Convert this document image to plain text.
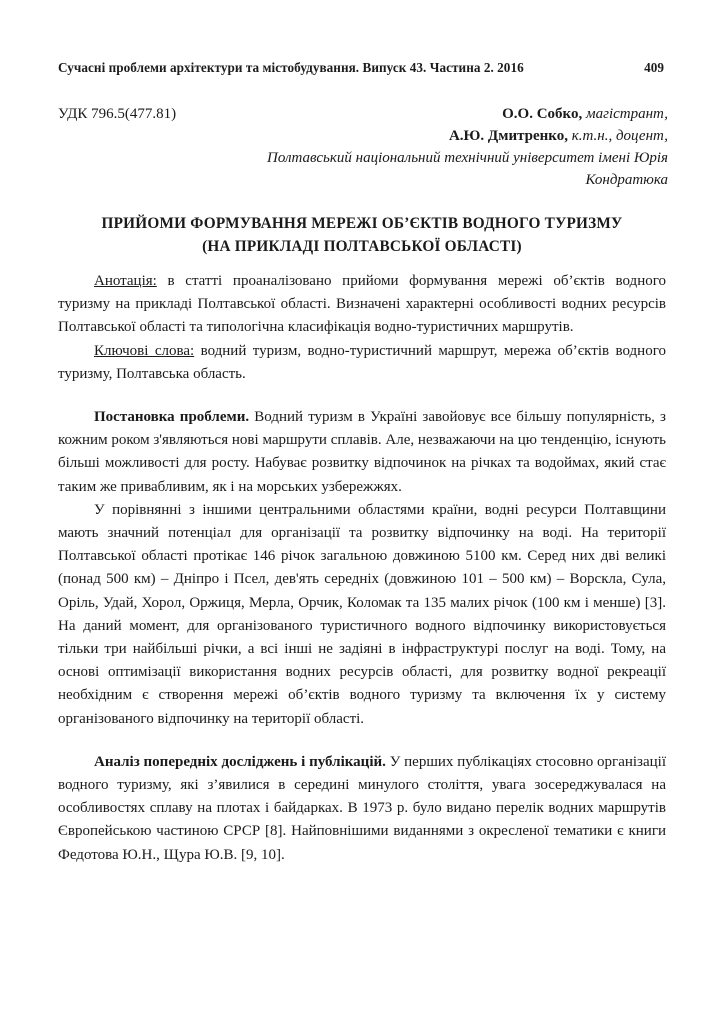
Сучасні проблеми архітектури та містобудування. Випуск 43. Частина 2. 2016	409
УДК 796.5(477.81)	О.О. Собко, магістрант,
А.Ю. Дмитренко, к.т.н., доцент,
Полтавський національний технічний університет імені Юрія
Кондратюка
ПРИЙОМИ ФОРМУВАННЯ МЕРЕЖІ ОБ’ЄКТІВ ВОДНОГО ТУРИЗМУ
(НА ПРИКЛАДІ ПОЛТАВСЬКОЇ ОБЛАСТІ)

Анотація: в статті проаналізовано прийоми формування мережі об’єктів водного туризму на прикладі Полтавської області. Визначені характерні особливості водних ресурсів Полтавської області та типологічна класифікація водно-туристичних маршрутів.

Ключові слова: водний туризм, водно-туристичний маршрут, мережа об’єктів водного туризму, Полтавська область.

Постановка проблеми. Водний туризм в Україні завойовує все більшу популярність, з кожним роком з'являються нові маршрути сплавів. Але, незважаючи на цю тенденцію, існують більші можливості для росту. Набуває розвитку відпочинок на річках та водоймах, який стає таким же привабливим, як і на морських узбережжях.

У порівнянні з іншими центральними областями країни, водні ресурси Полтавщини мають значний потенціал для організації та розвитку відпочинку на воді. На території Полтавської області протікає 146 річок загальною довжиною 5100 км. Серед них дві великі (понад 500 км) – Дніпро і Псел, дев'ять середніх (довжиною 101 – 500 км) – Ворскла, Сула, Оріль, Удай, Хорол, Оржиця, Мерла, Орчик, Коломак та 135 малих річок (100 км і менше) [3]. На даний момент, для організованого туристичного водного відпочинку використовується тільки три найбільші річки, а всі інші не задіяні в інфраструктурі послуг на воді. Тому, на основі оптимізації використання водних ресурсів області, для розвитку водної рекреації необхідним є створення мережі об’єктів водного туризму та включення їх у систему організованого відпочинку на території області.

Аналіз попередніх досліджень і публікацій. У перших публікаціях стосовно організації водного туризму, які з’явилися в середині минулого століття, увага зосереджувалася на особливостях сплаву на плотах і байдарках. В 1973 р. було видано перелік водних маршрутів Європейською частиною СРСР [8]. Найповнішими виданнями з окресленої тематики є книги Федотова Ю.Н., Щура Ю.В. [9, 10].
